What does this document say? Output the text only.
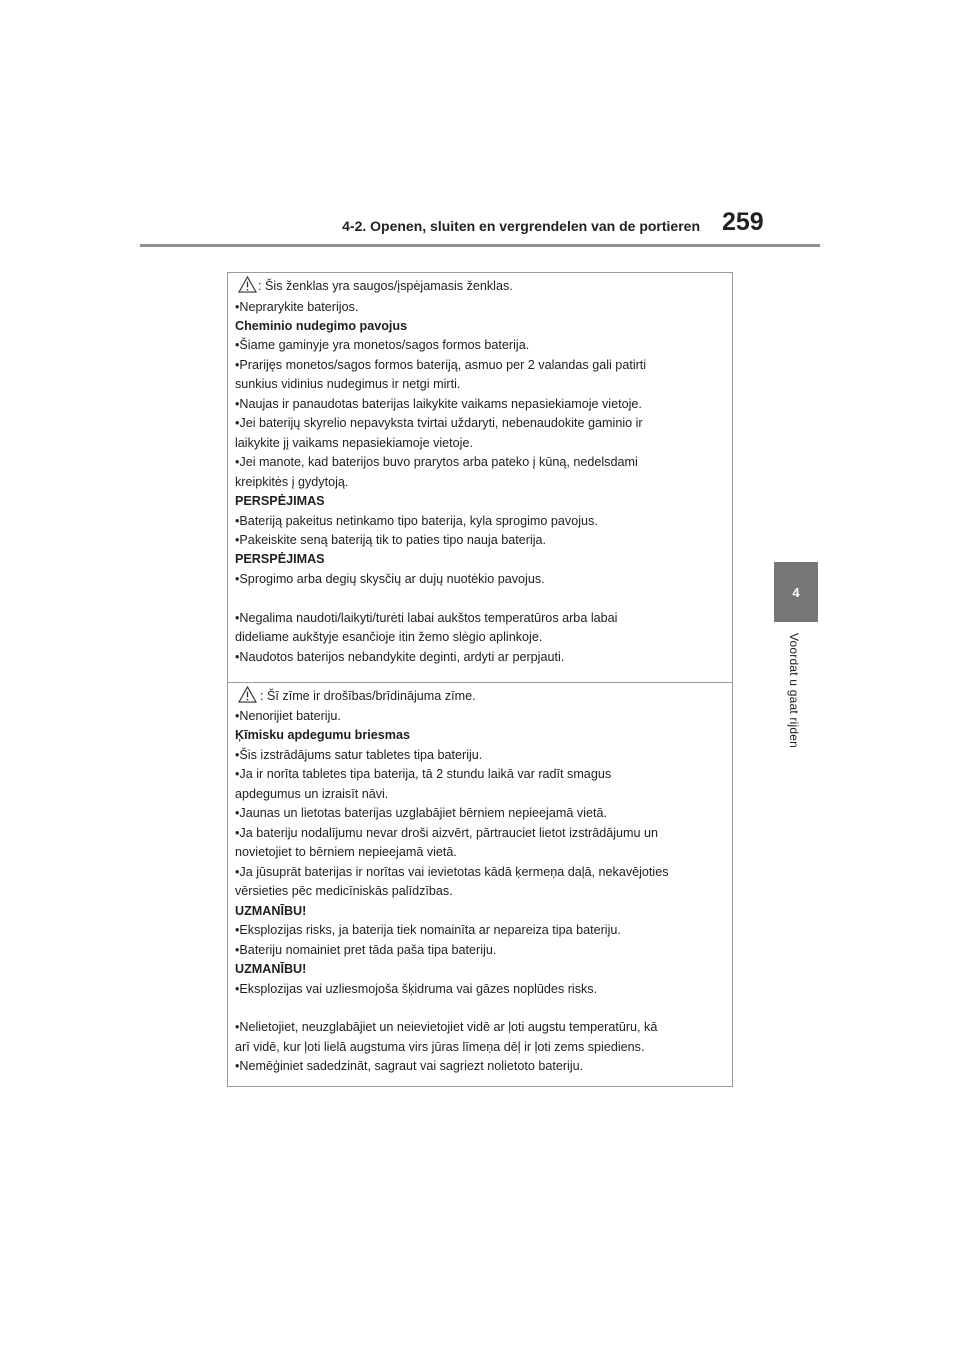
4-2. Openen, sluiten en vergrendelen van de portieren 259
4
Voordat u gaat rijden
: Šis ženklas yra saugos/įspėjamasis ženklas.
•Neprarykite baterijos.
Cheminio nudegimo pavojus
•Šiame gaminyje yra monetos/sagos formos baterija.
•Prarijęs monetos/sagos formos bateriją, asmuo per 2 valandas gali patirti
sunkius vidinius nudegimus ir netgi mirti.
•Naujas ir panaudotas baterijas laikykite vaikams nepasiekiamoje vietoje.
•Jei baterijų skyrelio nepavyksta tvirtai uždaryti, nebenaudokite gaminio ir
laikykite jį vaikams nepasiekiamoje vietoje.
•Jei manote, kad baterijos buvo prarytos arba pateko į kūną, nedelsdami
kreipkitės į gydytoją.
PERSPĖJIMAS
•Bateriją pakeitus netinkamo tipo baterija, kyla sprogimo pavojus.
•Pakeiskite seną bateriją tik to paties tipo nauja baterija.
PERSPĖJIMAS
•Sprogimo arba degių skysčių ar dujų nuotėkio pavojus.
•Negalima naudoti/laikyti/turėti labai aukštos temperatūros arba labai
dideliame aukštyje esančioje itin žemo slėgio aplinkoje.
•Naudotos baterijos nebandykite deginti, ardyti ar perpjauti.
: Šī zīme ir drošības/brīdinājuma zīme.
•Nenorijiet bateriju.
Ķīmisku apdegumu briesmas
•Šis izstrādājums satur tabletes tipa bateriju.
•Ja ir norīta tabletes tipa baterija, tā 2 stundu laikā var radīt smagus
apdegumus un izraisīt nāvi.
•Jaunas un lietotas baterijas uzglabājiet bērniem nepieejamā vietā.
•Ja bateriju nodalījumu nevar droši aizvērt, pārtrauciet lietot izstrādājumu un
novietojiet to bērniem nepieejamā vietā.
•Ja jūsuprāt baterijas ir norītas vai ievietotas kādā ķermeņa daļā, nekavējoties
vērsieties pēc medicīniskās palīdzības.
UZMANĪBU!
•Eksplozijas risks, ja baterija tiek nomainīta ar nepareiza tipa bateriju.
•Bateriju nomainiet pret tāda paša tipa bateriju.
UZMANĪBU!
•Eksplozijas vai uzliesmojoša šķidruma vai gāzes noplūdes risks.
•Nelietojiet, neuzglabājiet un neievietojiet vidē ar ļoti augstu temperatūru, kā
arī vidē, kur ļoti lielā augstuma virs jūras līmeņa dēļ ir ļoti zems spiediens.
•Nemēģiniet sadedzināt, sagraut vai sagriezt nolietoto bateriju.
